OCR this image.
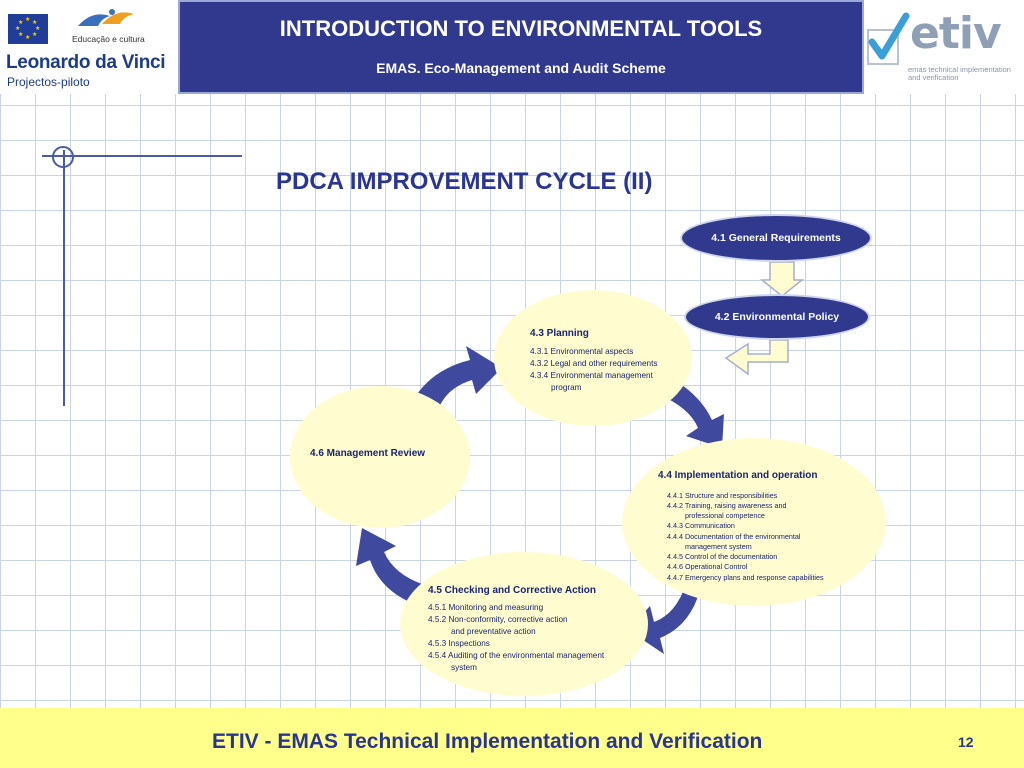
★ ★
★
★
★
★
★
★
Educação e cultura
Leonardo da Vinci
Projectos-piloto
INTRODUCTION TO ENVIRONMENTAL TOOLS
EMAS. Eco-Management and Audit Scheme
etiv
emas technical implementation and verification
PDCA IMPROVEMENT CYCLE (II)
4.1 General Requirements
4.2 Environmental Policy
4.3 Planning
4.3.1 Environmental aspects
4.3.2 Legal and other requirements
4.3.4 Environmental management
program
4.6 Management Review
4.4 Implementation and operation
4.4.1 Structure and responsibilities
4.4.2 Training, raising awareness and
professional competence
4.4.3 Communication
4.4.4 Documentation of the environmental
management system
4.4.5 Control of the documentation
4.4.6 Operational Control
4.4.7 Emergency plans and response capabilities
4.5 Checking and Corrective Action
4.5.1 Monitoring and measuring
4.5.2 Non-conformity, corrective action
and preventative action
4.5.3 Inspections
4.5.4 Auditing of the environmental management
system
ETIV - EMAS Technical Implementation and Verification	12
